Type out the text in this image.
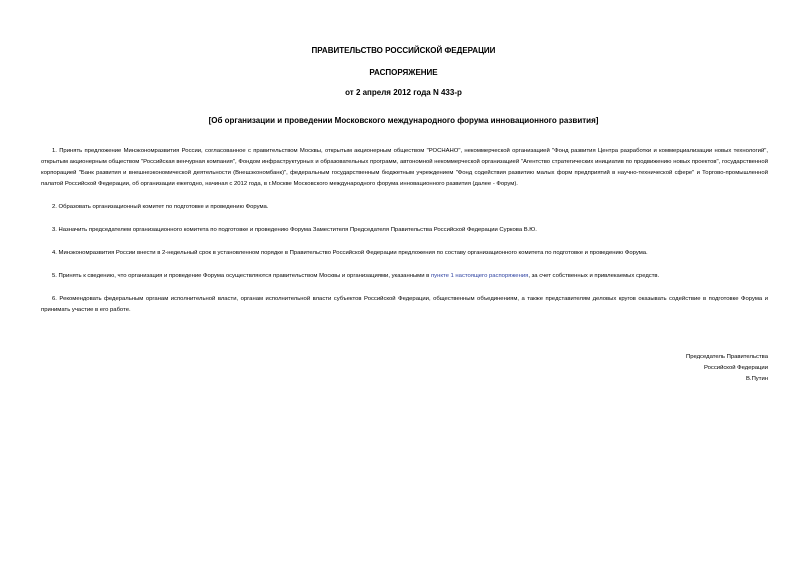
ПРАВИТЕЛЬСТВО РОССИЙСКОЙ ФЕДЕРАЦИИ
РАСПОРЯЖЕНИЕ
от 2 апреля 2012 года N 433-р
[Об организации и проведении Московского международного форума инновационного развития]

1. Принять предложение Минэкономразвития России, согласованное с правительством Москвы, открытым акционерным обществом "РОСНАНО", некоммерческой организацией "Фонд развития Центра разработки и коммерциализации новых технологий", открытым акционерным обществом "Российская венчурная компания", Фондом инфраструктурных и образовательных программ, автономной некоммерческой организацией "Агентство стратегических инициатив по продвижению новых проектов", государственной корпорацией "Банк развития и внешнеэкономической деятельности (Внешэкономбанк)", федеральным государственным бюджетным учреждением "Фонд содействия развитию малых форм предприятий в научно-технической сфере" и Торгово-промышленной палатой Российской Федерации, об организации ежегодно, начиная с 2012 года, в г.Москве Московского международного форума инновационного развития (далее - Форум).

2. Образовать организационный комитет по подготовке и проведению Форума.

3. Назначить председателем организационного комитета по подготовке и проведению Форума Заместителя Председателя Правительства Российской Федерации Суркова В.Ю.

4. Минэкономразвития России внести в 2-недельный срок в установленном порядке в Правительство Российской Федерации предложения по составу организационного комитета по подготовке и проведению Форума.

5. Принять к сведению, что организация и проведение Форума осуществляются правительством Москвы и организациями, указанными в пункте 1 настоящего распоряжения, за счет собственных и привлекаемых средств.

6. Рекомендовать федеральным органам исполнительной власти, органам исполнительной власти субъектов Российской Федерации, общественным объединениям, а также представителям деловых кругов оказывать содействие в подготовке Форума и принимать участие в его работе.

Председатель Правительства
Российской Федерации
В.Путин
